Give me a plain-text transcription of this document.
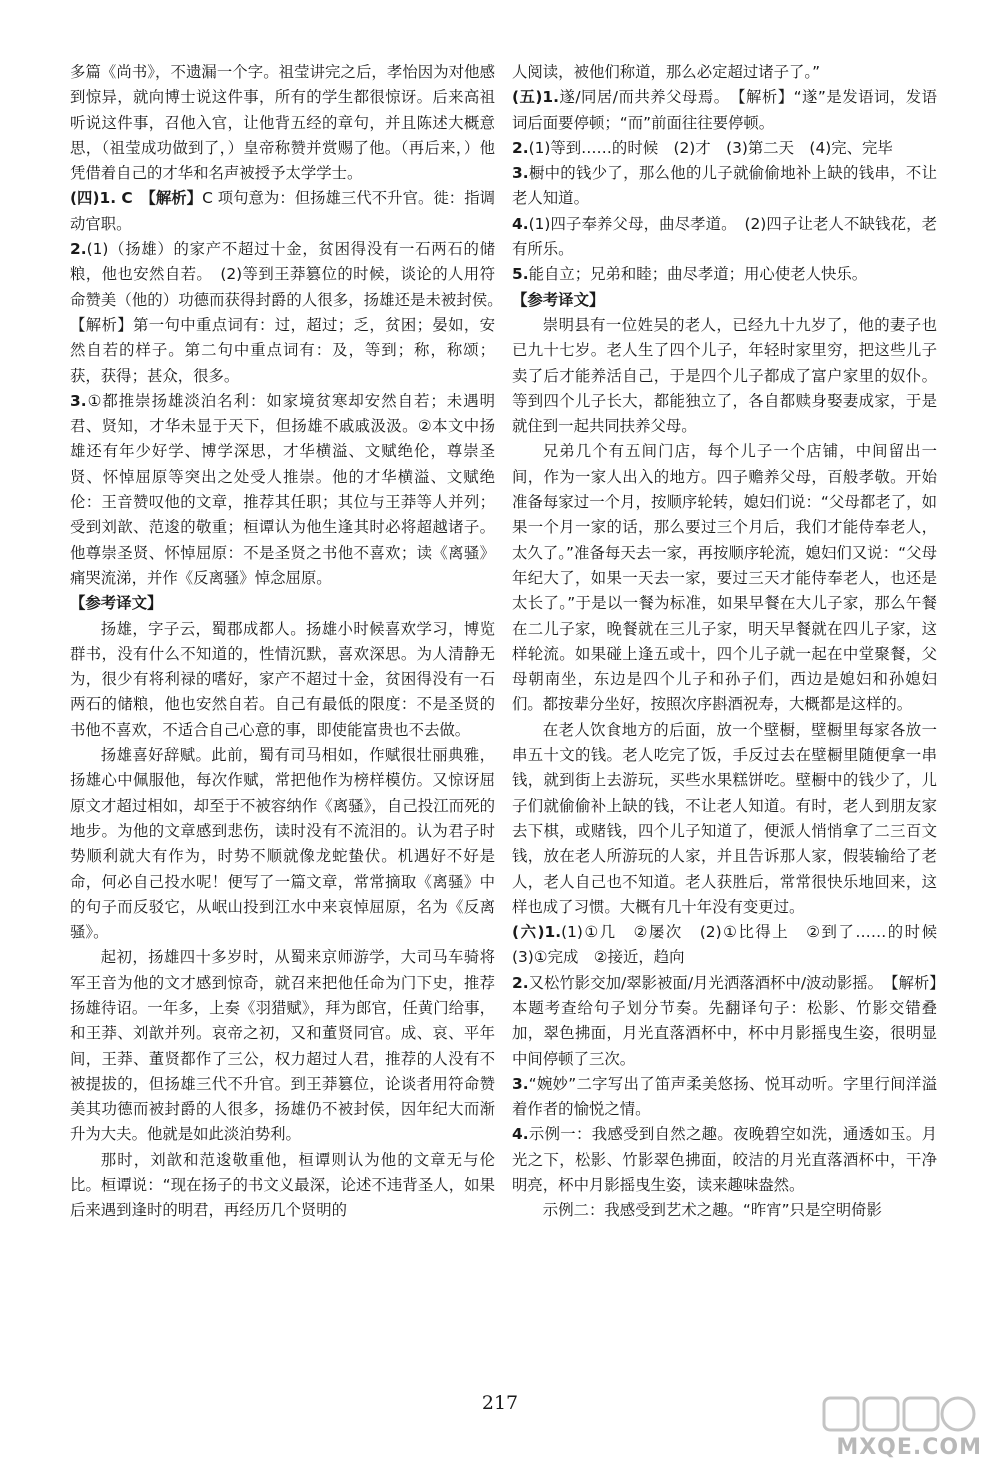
多篇《尚书》，不遗漏一个字。祖莹讲完之后，孝怡因为对他感到惊异，就向博士说这件事，所有的学生都很惊讶。后来高祖听说这件事，召他入官，让他背五经的章句，并且陈述大概意思，（祖莹成功做到了，）皇帝称赞并赏赐了他。（再后来，）他凭借着自己的才华和名声被授予太学学士。

(四)1. C　【解析】C 项句意为：但扬雄三代不升官。徙：指调动官职。

2.(1)（扬雄）的家产不超过十金，贫困得没有一石两石的储粮，他也安然自若。　(2)等到王莽篡位的时候，谈论的人用符命赞美（他的）功德而获得封爵的人很多，扬雄还是未被封侯。　【解析】第一句中重点词有：过，超过；乏，贫困；晏如，安然自若的样子。第二句中重点词有：及，等到；称，称颂；获，获得；甚众，很多。

3.①都推崇扬雄淡泊名利：如家境贫寒却安然自若；未遇明君、贤知，才华未显于天下，但扬雄不戚戚汲汲。②本文中扬雄还有年少好学、博学深思，才华横溢、文赋绝伦，尊崇圣贤、怀悼屈原等突出之处受人推崇。他的才华横溢、文赋绝伦：王音赞叹他的文章，推荐其任职；其位与王莽等人并列；受到刘歆、范逡的敬重；桓谭认为他生逢其时必将超越诸子。他尊崇圣贤、怀悼屈原：不是圣贤之书他不喜欢；读《离骚》痛哭流涕，并作《反离骚》悼念屈原。

【参考译文】

扬雄，字子云，蜀郡成都人。扬雄小时候喜欢学习，博览群书，没有什么不知道的，性情沉默，喜欢深思。为人清静无为，很少有将利禄的嗜好，家产不超过十金，贫困得没有一石两石的储粮，他也安然自若。自己有最低的限度：不是圣贤的书他不喜欢，不适合自己心意的事，即使能富贵也不去做。

扬雄喜好辞赋。此前，蜀有司马相如，作赋很壮丽典雅，扬雄心中佩服他，每次作赋，常把他作为榜样模仿。又惊讶屈原文才超过相如，却至于不被容纳作《离骚》，自己投江而死的地步。为他的文章感到悲伤，读时没有不流泪的。认为君子时势顺利就大有作为，时势不顺就像龙蛇蛰伏。机遇好不好是命，何必自己投水呢！便写了一篇文章，常常摘取《离骚》中的句子而反驳它，从岷山投到江水中来哀悼屈原，名为《反离骚》。

起初，扬雄四十多岁时，从蜀来京师游学，大司马车骑将军王音为他的文才感到惊奇，就召来把他任命为门下史，推荐扬雄待诏。一年多，上奏《羽猎赋》，拜为郎官，任黄门给事，和王莽、刘歆并列。哀帝之初，又和董贤同官。成、哀、平年间，王莽、董贤都作了三公，权力超过人君，推荐的人没有不被提拔的，但扬雄三代不升官。到王莽篡位，论谈者用符命赞美其功德而被封爵的人很多，扬雄仍不被封侯，因年纪大而渐升为大夫。他就是如此淡泊势利。

那时，刘歆和范逡敬重他，桓谭则认为他的文章无与伦比。桓谭说：“现在扬子的书文义最深，论述不违背圣人，如果后来遇到逢时的明君，再经历几个贤明的

人阅读，被他们称道，那么必定超过诸子了。”

(五)1.遂/同居/而共养父母焉。　【解析】“遂”是发语词，发语词后面要停顿；“而”前面往往要停顿。

2.(1)等到……的时候　(2)才　(3)第二天　(4)完、完毕

3.橱中的钱少了，那么他的儿子就偷偷地补上缺的钱串，不让老人知道。

4.(1)四子奉养父母，曲尽孝道。　(2)四子让老人不缺钱花，老有所乐。

5.能自立；兄弟和睦；曲尽孝道；用心使老人快乐。

【参考译文】

崇明县有一位姓吴的老人，已经九十九岁了，他的妻子也已九十七岁。老人生了四个儿子，年轻时家里穷，把这些儿子卖了后才能养活自己，于是四个儿子都成了富户家里的奴仆。等到四个儿子长大，都能独立了，各自都赎身娶妻成家，于是就住到一起共同扶养父母。

兄弟几个有五间门店，每个儿子一个店铺，中间留出一间，作为一家人出入的地方。四子赡养父母，百般孝敬。开始准备每家过一个月，按顺序轮转，媳妇们说：“父母都老了，如果一个月一家的话，那么要过三个月后，我们才能侍奉老人，太久了。”准备每天去一家，再按顺序轮流，媳妇们又说：“父母年纪大了，如果一天去一家，要过三天才能侍奉老人，也还是太长了。”于是以一餐为标准，如果早餐在大儿子家，那么午餐在二儿子家，晚餐就在三儿子家，明天早餐就在四儿子家，这样轮流。如果碰上逢五或十，四个儿子就一起在中堂聚餐，父母朝南坐，东边是四个儿子和孙子们，西边是媳妇和孙媳妇们。都按辈分坐好，按照次序斟酒祝寿，大概都是这样的。

在老人饮食地方的后面，放一个壁橱，壁橱里每家各放一串五十文的钱。老人吃完了饭，手反过去在壁橱里随便拿一串钱，就到街上去游玩，买些水果糕饼吃。壁橱中的钱少了，儿子们就偷偷补上缺的钱，不让老人知道。有时，老人到朋友家去下棋，或赌钱，四个儿子知道了，便派人悄悄拿了二三百文钱，放在老人所游玩的人家，并且告诉那人家，假装输给了老人，老人自己也不知道。老人获胜后，常常很快乐地回来，这样也成了习惯。大概有几十年没有变更过。

(六)1.(1)①几　②屡次　(2)①比得上　②到了……的时候　(3)①完成　②接近，趋向

2.又松竹影交加/翠影被面/月光洒落酒杯中/波动影摇。　【解析】本题考查给句子划分节奏。先翻译句子：松影、竹影交错叠加，翠色拂面，月光直落酒杯中，杯中月影摇曳生姿，很明显中间停顿了三次。

3.“婉妙”二字写出了笛声柔美悠扬、悦耳动听。字里行间洋溢着作者的愉悦之情。

4.示例一：我感受到自然之趣。夜晚碧空如洗，通透如玉。月光之下，松影、竹影翠色拂面，皎洁的月光直落酒杯中，干净明亮，杯中月影摇曳生姿，读来趣味盎然。

示例二：我感受到艺术之趣。“昨宵”只是空明倚影

217
MXQE.COM
